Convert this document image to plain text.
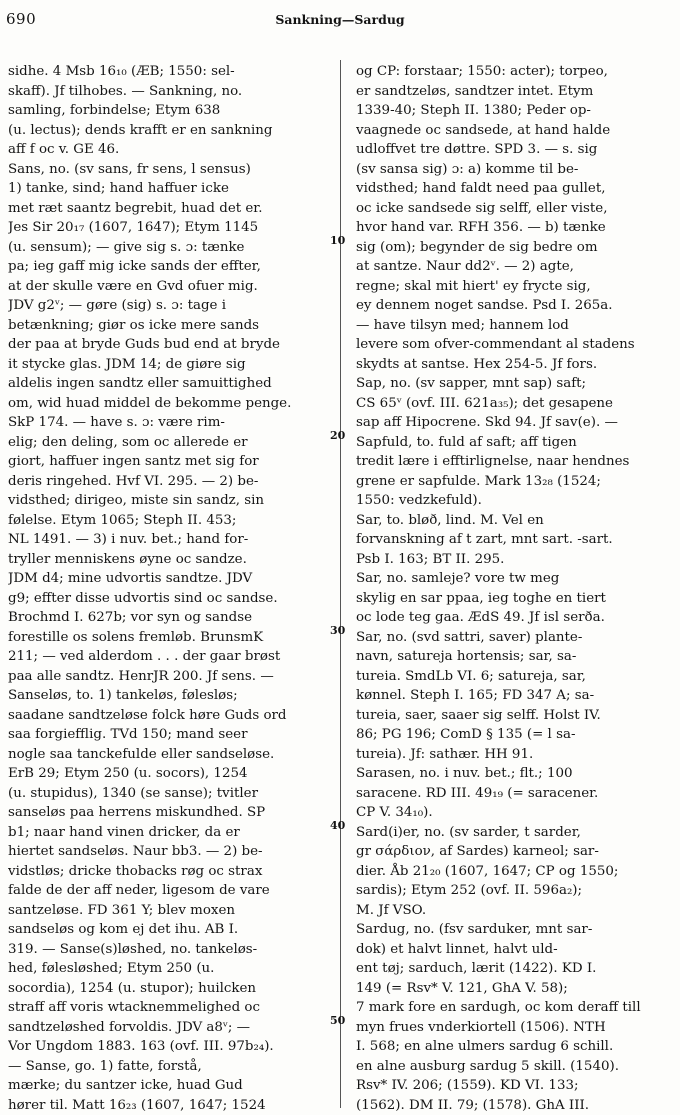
690	Sankning—Sardug
10
20
30
40
50
sidhe. 4 Msb 16₁₀ (ÆB; 1550: sel-
skaff). Jf tilhobes. — Sankning, no.
samling, forbindelse; Etym 638
(u. lectus); dends krafft er en sankning
aff f oc v. GE 46.
Sans, no. (sv sans, fr sens, l sensus)
1) tanke, sind; hand haffuer icke
met ræt saantz begrebit, huad det er.
Jes Sir 20₁₇ (1607, 1647); Etym 1145
(u. sensum); — give sig s. ɔ: tænke
pa; ieg gaff mig icke sands der effter,
at der skulle være en Gvd ofuer mig.
JDV g2ᵛ; — gøre (sig) s. ɔ: tage i
betænkning; giør os icke mere sands
der paa at bryde Guds bud end at bryde
it stycke glas. JDM 14; de giøre sig
aldelis ingen sandtz eller samuittighed
om, wid huad middel de bekomme penge.
SkP 174. — have s. ɔ: være rim-
elig; den deling, som oc allerede er
giort, haffuer ingen santz met sig for
deris ringehed. Hvf VI. 295. — 2) be-
vidsthed; dirigeo, miste sin sandz, sin
følelse. Etym 1065; Steph II. 453;
NL 1491. — 3) i nuv. bet.; hand for-
tryller menniskens øyne oc sandze.
JDM d4; mine udvortis sandtze. JDV
g9; effter disse udvortis sind oc sandse.
Brochmd I. 627b; vor syn og sandse
forestille os solens fremløb. BrunsmK
211; — ved alderdom . . . der gaar brøst
paa alle sandtz. HenrJR 200. Jf sens. —
Sanseløs, to. 1) tankeløs, følesløs;
saadane sandtzeløse folck høre Guds ord
saa forgiefflig. TVd 150; mand seer
nogle saa tanckefulde eller sandseløse.
ErB 29; Etym 250 (u. socors), 1254
(u. stupidus), 1340 (se sanse); tvitler
sanseløs paa herrens miskundhed. SP
b1; naar hand vinen dricker, da er
hiertet sandseløs. Naur bb3. — 2) be-
vidstløs; dricke thobacks røg oc strax
falde de der aff neder, ligesom de vare
santzeløse. FD 361 Y; blev moxen
sandseløs og kom ej det ihu. AB I.
319. — Sanse(s)løshed, no. tankeløs-
hed, følesløshed; Etym 250 (u.
socordia), 1254 (u. stupor); huilcken
straff aff voris wtacknemmelighed oc
sandtzeløshed forvoldis. JDV a8ᵛ; —
Vor Ungdom 1883. 163 (ovf. III. 97b₂₄).
— Sanse, go. 1) fatte, forstå,
mærke; du santzer icke, huad Gud
hører til. Matt 16₂₃ (1607, 1647; 1524
og CP: forstaar; 1550: acter); torpeo,
er sandtzeløs, sandtzer intet. Etym
1339-40; Steph II. 1380; Peder op-
vaagnede oc sandsede, at hand halde
udloffvet tre døttre. SPD 3. — s. sig
(sv sansa sig) ɔ: a) komme til be-
vidsthed; hand faldt need paa gullet,
oc icke sandsede sig selff, eller viste,
hvor hand var. RFH 356. — b) tænke
sig (om); begynder de sig bedre om
at santze. Naur dd2ᵛ. — 2) agte,
regne; skal mit hiert' ey frycte sig,
ey dennem noget sandse. Psd I. 265a.
— have tilsyn med; hannem lod
levere som ofver-commendant al stadens
skydts at santse. Hex 254-5. Jf fors.
Sap, no. (sv sapper, mnt sap) saft;
CS 65ᵛ (ovf. III. 621a₃₅); det gesapene
sap aff Hipocrene. Skd 94. Jf sav(e). —
Sapfuld, to. fuld af saft; aff tigen
tredit lære i efftirlignelse, naar hendnes
grene er sapfulde. Mark 13₂₈ (1524;
1550: vedzkefuld).
Sar, to. bløð, lind. M. Vel en
forvanskning af t zart, mnt sart. -sart.
Psb I. 163; BT II. 295.
Sar, no. samleje? vore tw meg
skylig en sar ppaa, ieg toghe en tiert
oc lode teg gaa. ÆdS 49. Jf isl serða.
Sar, no. (svd sattri, saver) plante-
navn, satureja hortensis; sar, sa-
tureia. SmdLb VI. 6; satureja, sar,
kønnel. Steph I. 165; FD 347 A; sa-
tureia, saer, saaer sig selff. Holst IV.
86; PG 196; ComD § 135 (= l sa-
tureia). Jf: sathær. HH 91.
Sarasen, no. i nuv. bet.; flt.; 100
saracene. RD III. 49₁₉ (= saracener.
CP V. 34₁₀).
Sard(i)er, no. (sv sarder, t sarder,
gr σάρδιον, af Sardes) karneol; sar-
dier. Åb 21₂₀ (1607, 1647; CP og 1550;
sardis); Etym 252 (ovf. II. 596a₂);
M. Jf VSO.
Sardug, no. (fsv sarduker, mnt sar-
dok) et halvt linnet, halvt uld-
ent tøj; sarduch, lærit (1422). KD I.
149 (= Rsv* V. 121, GhA V. 58);
7 mark fore en sardugh, oc kom deraff till
myn frues vnderkiortell (1506). NTH
I. 568; en alne ulmers sardug 6 schill.
en alne ausburg sardug 5 skill. (1540).
Rsv* IV. 206; (1559). KD VI. 133;
(1562). DM II. 79; (1578). GhA III.
